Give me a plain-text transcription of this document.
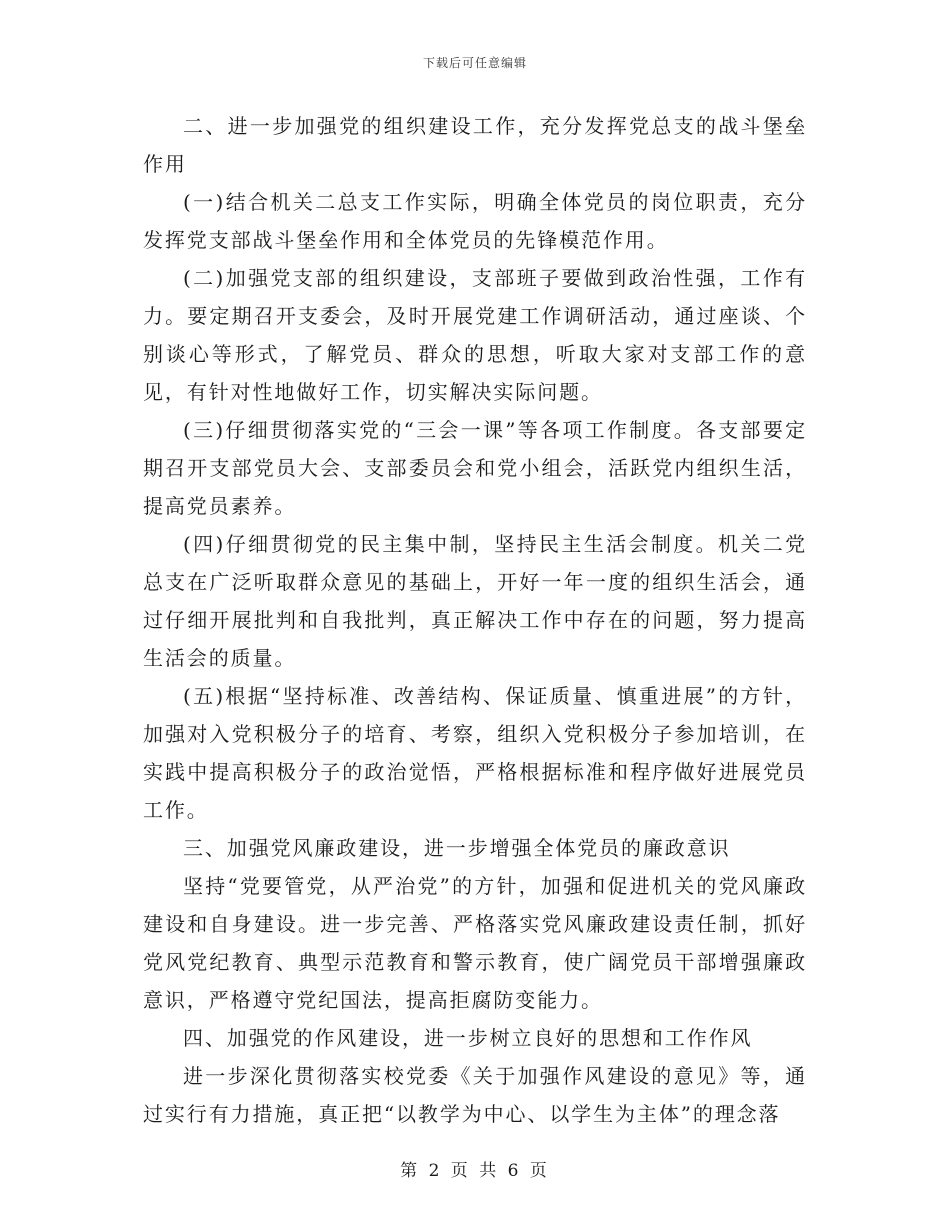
下载后可任意编辑

二、进一步加强党的组织建设工作，充分发挥党总支的战斗堡垒作用

(一)结合机关二总支工作实际，明确全体党员的岗位职责，充分发挥党支部战斗堡垒作用和全体党员的先锋模范作用。

(二)加强党支部的组织建设，支部班子要做到政治性强，工作有力。要定期召开支委会，及时开展党建工作调研活动，通过座谈、个别谈心等形式，了解党员、群众的思想，听取大家对支部工作的意见，有针对性地做好工作，切实解决实际问题。

(三)仔细贯彻落实党的“三会一课”等各项工作制度。各支部要定期召开支部党员大会、支部委员会和党小组会，活跃党内组织生活，提高党员素养。

(四)仔细贯彻党的民主集中制，坚持民主生活会制度。机关二党总支在广泛听取群众意见的基础上，开好一年一度的组织生活会，通过仔细开展批判和自我批判，真正解决工作中存在的问题，努力提高生活会的质量。

(五)根据“坚持标准、改善结构、保证质量、慎重进展”的方针，加强对入党积极分子的培育、考察，组织入党积极分子参加培训，在实践中提高积极分子的政治觉悟，严格根据标准和程序做好进展党员工作。

三、加强党风廉政建设，进一步增强全体党员的廉政意识

坚持“党要管党，从严治党”的方针，加强和促进机关的党风廉政建设和自身建设。进一步完善、严格落实党风廉政建设责任制，抓好党风党纪教育、典型示范教育和警示教育，使广阔党员干部增强廉政意识，严格遵守党纪国法，提高拒腐防变能力。

四、加强党的作风建设，进一步树立良好的思想和工作作风

进一步深化贯彻落实校党委《关于加强作风建设的意见》等，通过实行有力措施，真正把“以教学为中心、以学生为主体”的理念落

第 2 页 共 6 页
